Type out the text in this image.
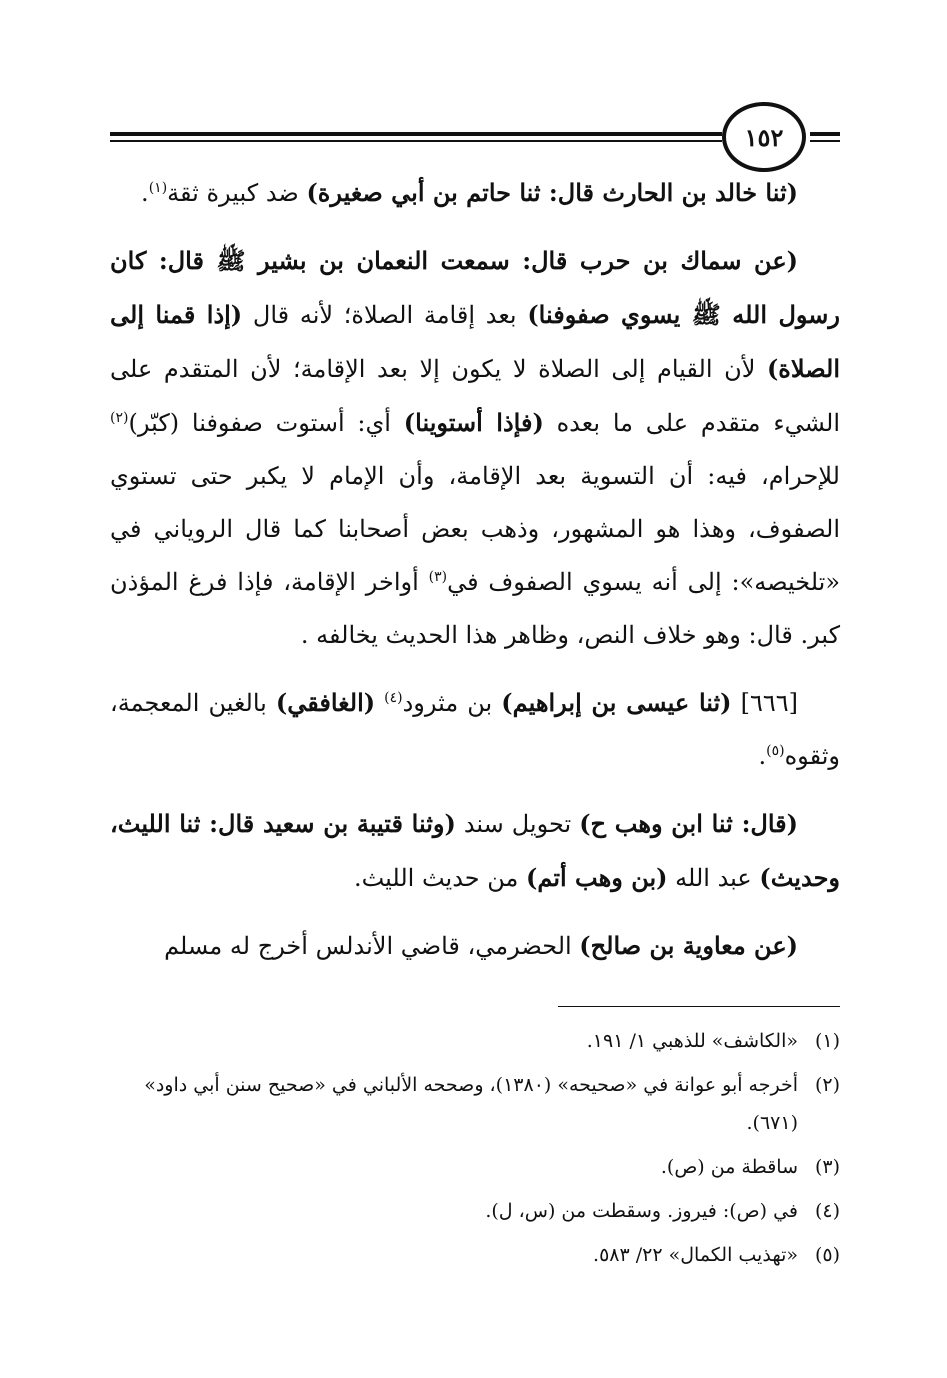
١٥٢

(ثنا خالد بن الحارث قال: ثنا حاتم بن أبي صغيرة) ضد كبيرة ثقة$^{(١)}$.

(عن سماك بن حرب قال: سمعت النعمان بن بشير ﷺ قال: كان رسول الله ﷺ يسوي صفوفنا) بعد إقامة الصلاة؛ لأنه قال (إذا قمنا إلى الصلاة) لأن القيام إلى الصلاة لا يكون إلا بعد الإقامة؛ لأن المتقدم على الشيء متقدم على ما بعده (فإذا أستوينا) أي: أستوت صفوفنا (كبّر)$^{(٢)}$ للإحرام، فيه: أن التسوية بعد الإقامة، وأن الإمام لا يكبر حتى تستوي الصفوف، وهذا هو المشهور، وذهب بعض أصحابنا كما قال الروياني في «تلخيصه»: إلى أنه يسوي الصفوف في$^{(٣)}$ أواخر الإقامة، فإذا فرغ المؤذن كبر. قال: وهو خلاف النص، وظاهر هذا الحديث يخالفه .

[٦٦٦] (ثنا عيسى بن إبراهيم) بن مثرود$^{(٤)}$ (الغافقي) بالغين المعجمة، وثقوه$^{(٥)}$.

(قال: ثنا ابن وهب ح) تحويل سند (وثنا قتيبة بن سعيد قال: ثنا الليث، وحديث) عبد الله (بن وهب أتم) من حديث الليث.

(عن معاوية بن صالح) الحضرمي، قاضي الأندلس أخرج له مسلم

(١)
«الكاشف» للذهبي ١/ ١٩١.
(٢)
أخرجه أبو عوانة في «صحيحه» (١٣٨٠)، وصححه الألباني في «صحيح سنن أبي داود» (٦٧١).
(٣)
ساقطة من (ص).
(٤)
في (ص): فيروز. وسقطت من (س، ل).
(٥)
«تهذيب الكمال» ٢٢/ ٥٨٣.
